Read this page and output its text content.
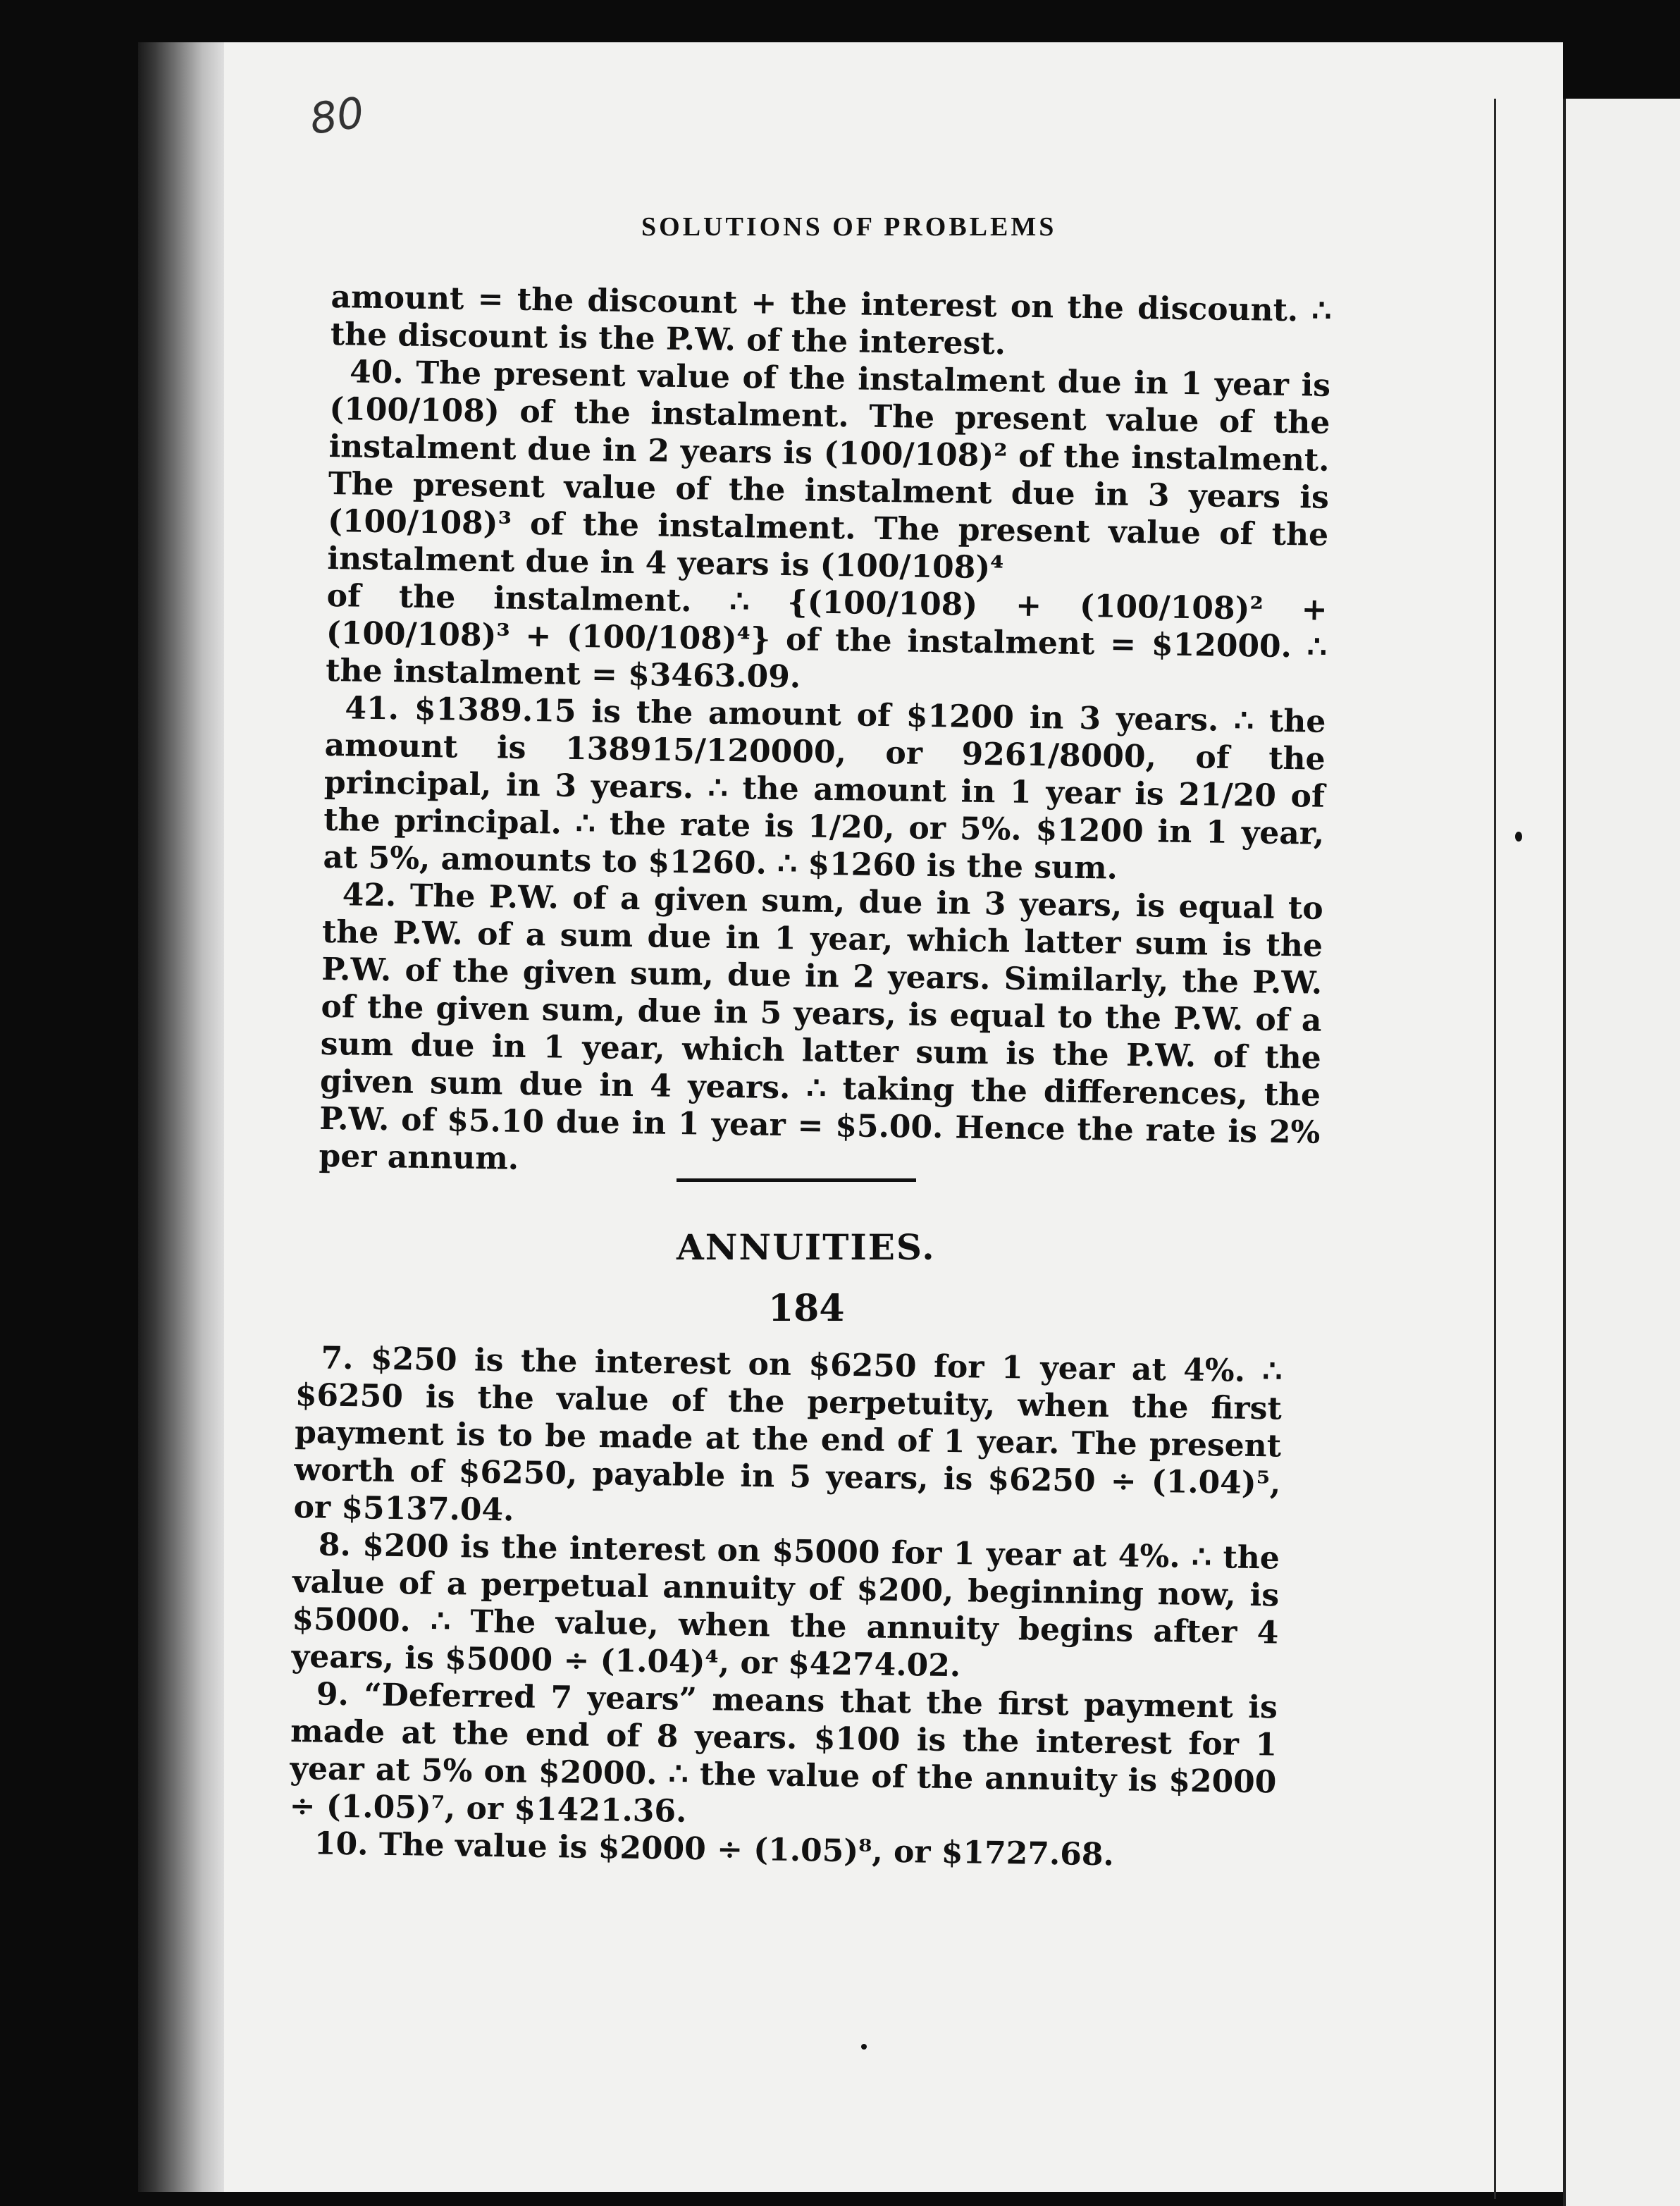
80
SOLUTIONS OF PROBLEMS

amount = the discount + the interest on the discount. ∴ the discount is the P.W. of the interest.

40. The present value of the instalment due in 1 year is (100/108) of the instalment. The present value of the instalment due in 2 years is (100/108)² of the instalment. The present value of the instalment due in 3 years is (100/108)³ of the instalment. The present value of the instalment due in 4 years is (100/108)⁴

of the instalment. ∴ {(100/108) + (100/108)² + (100/108)³ + (100/108)⁴} of the instalment = $12000. ∴ the instalment = $3463.09.

41. $1389.15 is the amount of $1200 in 3 years. ∴ the amount is 138915/120000, or 9261/8000, of the principal, in 3 years. ∴ the amount in 1 year is 21/20 of the principal. ∴ the rate is 1/20, or 5%. $1200 in 1 year, at 5%, amounts to $1260. ∴ $1260 is the sum.

42. The P.W. of a given sum, due in 3 years, is equal to the P.W. of a sum due in 1 year, which latter sum is the P.W. of the given sum, due in 2 years. Similarly, the P.W. of the given sum, due in 5 years, is equal to the P.W. of a sum due in 1 year, which latter sum is the P.W. of the given sum due in 4 years. ∴ taking the differences, the P.W. of $5.10 due in 1 year = $5.00. Hence the rate is 2% per annum.

ANNUITIES.
184

7. $250 is the interest on $6250 for 1 year at 4%. ∴ $6250 is the value of the perpetuity, when the first payment is to be made at the end of 1 year. The present worth of $6250, payable in 5 years, is $6250 ÷ (1.04)⁵, or $5137.04.

8. $200 is the interest on $5000 for 1 year at 4%. ∴ the value of a perpetual annuity of $200, beginning now, is $5000. ∴ The value, when the annuity begins after 4 years, is $5000 ÷ (1.04)⁴, or $4274.02.

9. “Deferred 7 years” means that the first payment is made at the end of 8 years. $100 is the interest for 1 year at 5% on $2000. ∴ the value of the annuity is $2000 ÷ (1.05)⁷, or $1421.36.

10. The value is $2000 ÷ (1.05)⁸, or $1727.68.
